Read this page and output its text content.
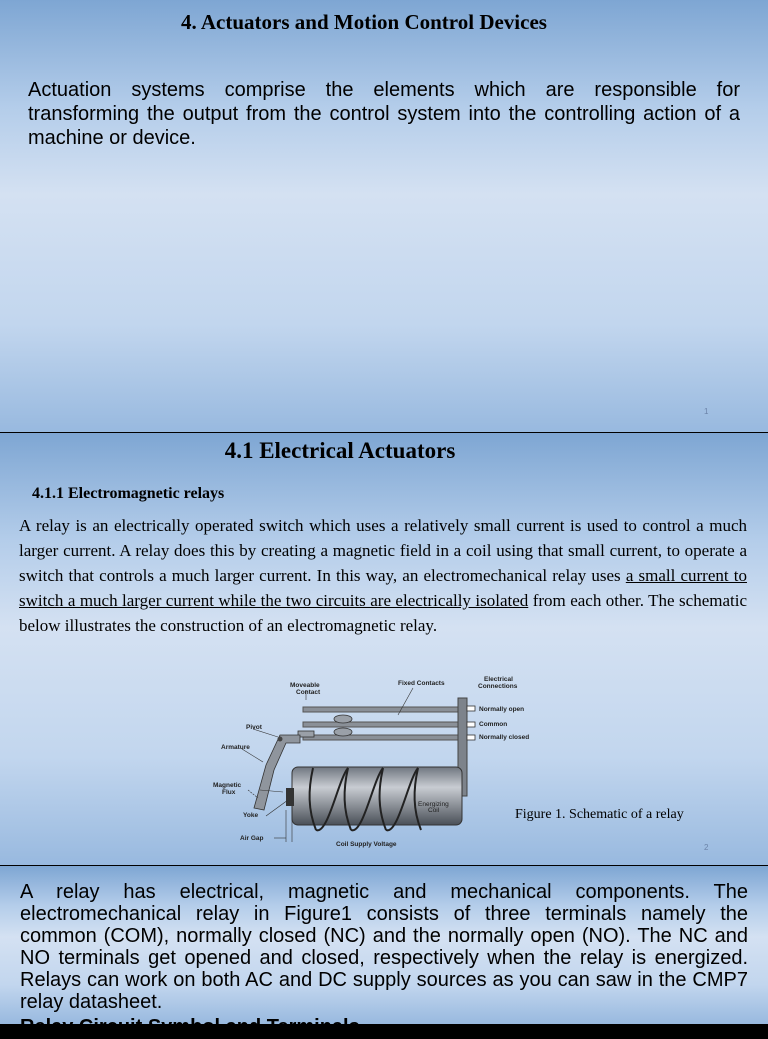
4. Actuators and Motion Control Devices
Actuation systems comprise the elements which are responsible for transforming the output from the control system into the controlling action of a machine or device.
1
4.1 Electrical Actuators
4.1.1 Electromagnetic relays
A relay is an electrically operated switch which uses a relatively small current is used to control a much larger current. A relay does this by creating a magnetic field in a coil using that small current, to operate a switch that controls a much larger current. In this way, an electromechanical relay uses a small current to switch a much larger current while the two circuits are electrically isolated from each other. The schematic below illustrates the construction of an electromagnetic relay.
Moveable
Contact
Fixed Contacts
Electrical
Connections
Normally open
Common
Normally closed
Pivot
Armature
Magnetic
Flux
Yoke
Energizing
Coil
Air Gap
Coil Supply Voltage
Figure 1. Schematic of a relay
2
A relay has electrical, magnetic and mechanical components. The electromechanical relay in Figure1 consists of three terminals namely the common (COM), normally closed (NC) and the normally open (NO). The NC and NO terminals get opened and closed, respectively when the relay is energized. Relays can work on both AC and DC supply sources as you can saw in the CMP7 relay datasheet.
Relay Circuit Symbol and Terminals
